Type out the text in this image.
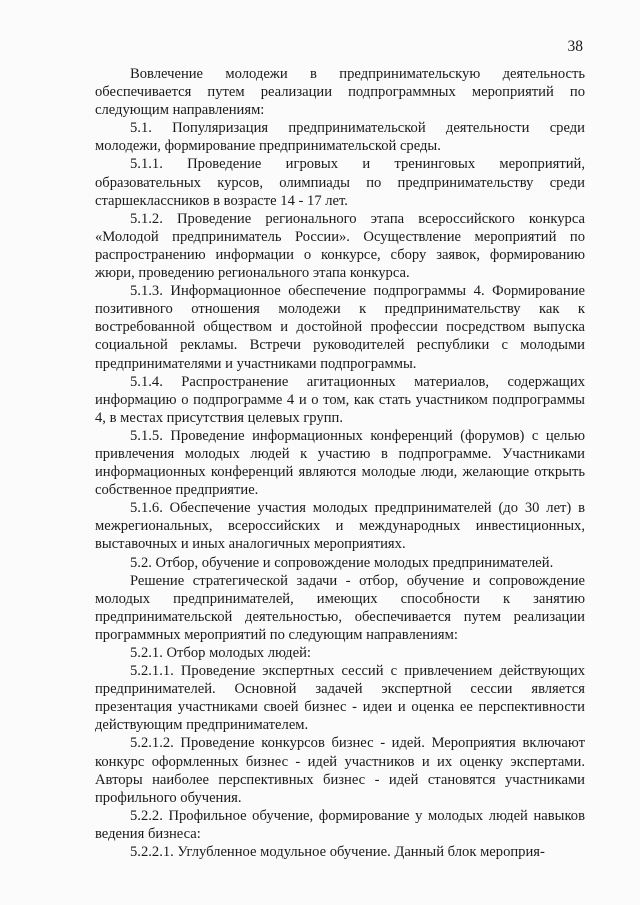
38

Вовлечение молодежи в предпринимательскую деятельность обеспечивается путем реализации подпрограммных мероприятий по следующим направлениям:

5.1. Популяризация предпринимательской деятельности среди молодежи, формирование предпринимательской среды.

5.1.1. Проведение игровых и тренинговых мероприятий, образовательных курсов, олимпиады по предпринимательству среди старшеклассников в возрасте 14 - 17 лет.

5.1.2. Проведение регионального этапа всероссийского конкурса «Молодой предприниматель России». Осуществление мероприятий по распространению информации о конкурсе, сбору заявок, формированию жюри, проведению регионального этапа конкурса.

5.1.3. Информационное обеспечение подпрограммы 4. Формирование позитивного отношения молодежи к предпринимательству как к востребованной обществом и достойной профессии посредством выпуска социальной рекламы. Встречи руководителей республики с молодыми предпринимателями и участниками подпрограммы.

5.1.4. Распространение агитационных материалов, содержащих информацию о подпрограмме 4 и о том, как стать участником подпрограммы 4, в местах присутствия целевых групп.

5.1.5. Проведение информационных конференций (форумов) с целью привлечения молодых людей к участию в подпрограмме. Участниками информационных конференций являются молодые люди, желающие открыть собственное предприятие.

5.1.6. Обеспечение участия молодых предпринимателей (до 30 лет) в межрегиональных, всероссийских и международных инвестиционных, выставочных и иных аналогичных мероприятиях.

5.2. Отбор, обучение и сопровождение молодых предпринимателей.

Решение стратегической задачи - отбор, обучение и сопровождение молодых предпринимателей, имеющих способности к занятию предпринимательской деятельностью, обеспечивается путем реализации программных мероприятий по следующим направлениям:

5.2.1. Отбор молодых людей:

5.2.1.1. Проведение экспертных сессий с привлечением действующих предпринимателей. Основной задачей экспертной сессии является презентация участниками своей бизнес - идеи и оценка ее перспективности действующим предпринимателем.

5.2.1.2. Проведение конкурсов бизнес - идей. Мероприятия включают конкурс оформленных бизнес - идей участников и их оценку экспертами. Авторы наиболее перспективных бизнес - идей становятся участниками профильного обучения.

5.2.2. Профильное обучение, формирование у молодых людей навыков ведения бизнеса:

5.2.2.1. Углубленное модульное обучение. Данный блок мероприя-
